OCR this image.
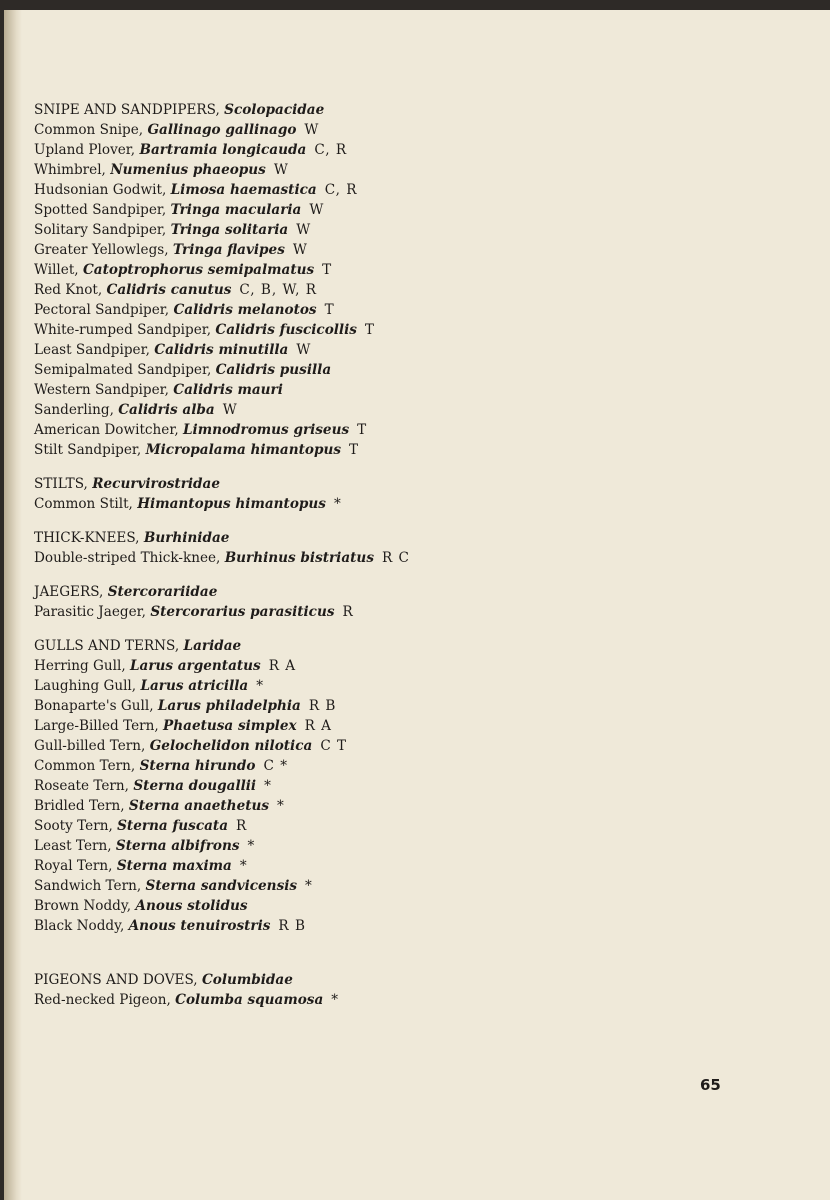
SNIPE AND SANDPIPERS, Scolopacidae
Common Snipe, Gallinago gallinago W
Upland Plover, Bartramia longicauda C, R
Whimbrel, Numenius phaeopus W
Hudsonian Godwit, Limosa haemastica C, R
Spotted Sandpiper, Tringa macularia W
Solitary Sandpiper, Tringa solitaria W
Greater Yellowlegs, Tringa flavipes W
Willet, Catoptrophorus semipalmatus T
Red Knot, Calidris canutus C, B, W, R
Pectoral Sandpiper, Calidris melanotos T
White-rumped Sandpiper, Calidris fuscicollis T
Least Sandpiper, Calidris minutilla W
Semipalmated Sandpiper, Calidris pusilla
Western Sandpiper, Calidris mauri
Sanderling, Calidris alba W
American Dowitcher, Limnodromus griseus T
Stilt Sandpiper, Micropalama himantopus T
STILTS, Recurvirostridae
Common Stilt, Himantopus himantopus *
THICK-KNEES, Burhinidae
Double-striped Thick-knee, Burhinus bistriatus R C
JAEGERS, Stercorariidae
Parasitic Jaeger, Stercorarius parasiticus R
GULLS AND TERNS, Laridae
Herring Gull, Larus argentatus R A
Laughing Gull, Larus atricilla *
Bonaparte's Gull, Larus philadelphia R B
Large-Billed Tern, Phaetusa simplex R A
Gull-billed Tern, Gelochelidon nilotica C T
Common Tern, Sterna hirundo C *
Roseate Tern, Sterna dougallii *
Bridled Tern, Sterna anaethetus *
Sooty Tern, Sterna fuscata R
Least Tern, Sterna albifrons *
Royal Tern, Sterna maxima *
Sandwich Tern, Sterna sandvicensis *
Brown Noddy, Anous stolidus
Black Noddy, Anous tenuirostris R B
PIGEONS AND DOVES, Columbidae
Red-necked Pigeon, Columba squamosa *
65
